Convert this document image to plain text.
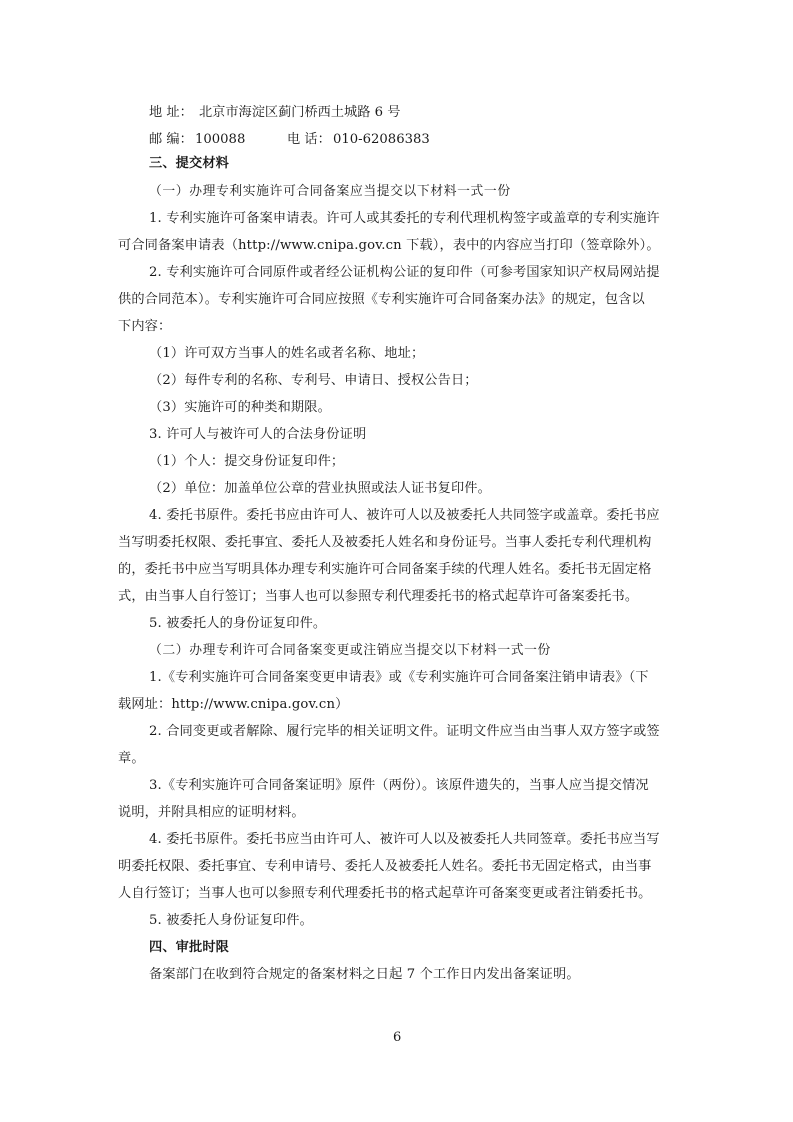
地 址： 北京市海淀区蓟门桥西土城路 6 号
邮 编： 100088	电 话： 010-62086383
三、提交材料
（一）办理专利实施许可合同备案应当提交以下材料一式一份
1. 专利实施许可备案申请表。许可人或其委托的专利代理机构签字或盖章的专利实施许
可合同备案申请表（http://www.cnipa.gov.cn 下载），表中的内容应当打印（签章除外）。
2. 专利实施许可合同原件或者经公证机构公证的复印件（可参考国家知识产权局网站提
供的合同范本）。专利实施许可合同应按照《专利实施许可合同备案办法》的规定，包含以
下内容：
（1）许可双方当事人的姓名或者名称、地址；
（2）每件专利的名称、专利号、申请日、授权公告日；
（3）实施许可的种类和期限。
3. 许可人与被许可人的合法身份证明
（1）个人：提交身份证复印件；
（2）单位：加盖单位公章的营业执照或法人证书复印件。
4. 委托书原件。委托书应由许可人、被许可人以及被委托人共同签字或盖章。委托书应
当写明委托权限、委托事宜、委托人及被委托人姓名和身份证号。当事人委托专利代理机构
的，委托书中应当写明具体办理专利实施许可合同备案手续的代理人姓名。委托书无固定格
式，由当事人自行签订；当事人也可以参照专利代理委托书的格式起草许可备案委托书。
5. 被委托人的身份证复印件。
（二）办理专利许可合同备案变更或注销应当提交以下材料一式一份
1.《专利实施许可合同备案变更申请表》或《专利实施许可合同备案注销申请表》（下
载网址：http://www.cnipa.gov.cn）
2. 合同变更或者解除、履行完毕的相关证明文件。证明文件应当由当事人双方签字或签
章。
3.《专利实施许可合同备案证明》原件（两份）。该原件遗失的，当事人应当提交情况
说明，并附具相应的证明材料。
4. 委托书原件。委托书应当由许可人、被许可人以及被委托人共同签章。委托书应当写
明委托权限、委托事宜、专利申请号、委托人及被委托人姓名。委托书无固定格式，由当事
人自行签订；当事人也可以参照专利代理委托书的格式起草许可备案变更或者注销委托书。
5. 被委托人身份证复印件。
四、审批时限
备案部门在收到符合规定的备案材料之日起 7 个工作日内发出备案证明。
6
